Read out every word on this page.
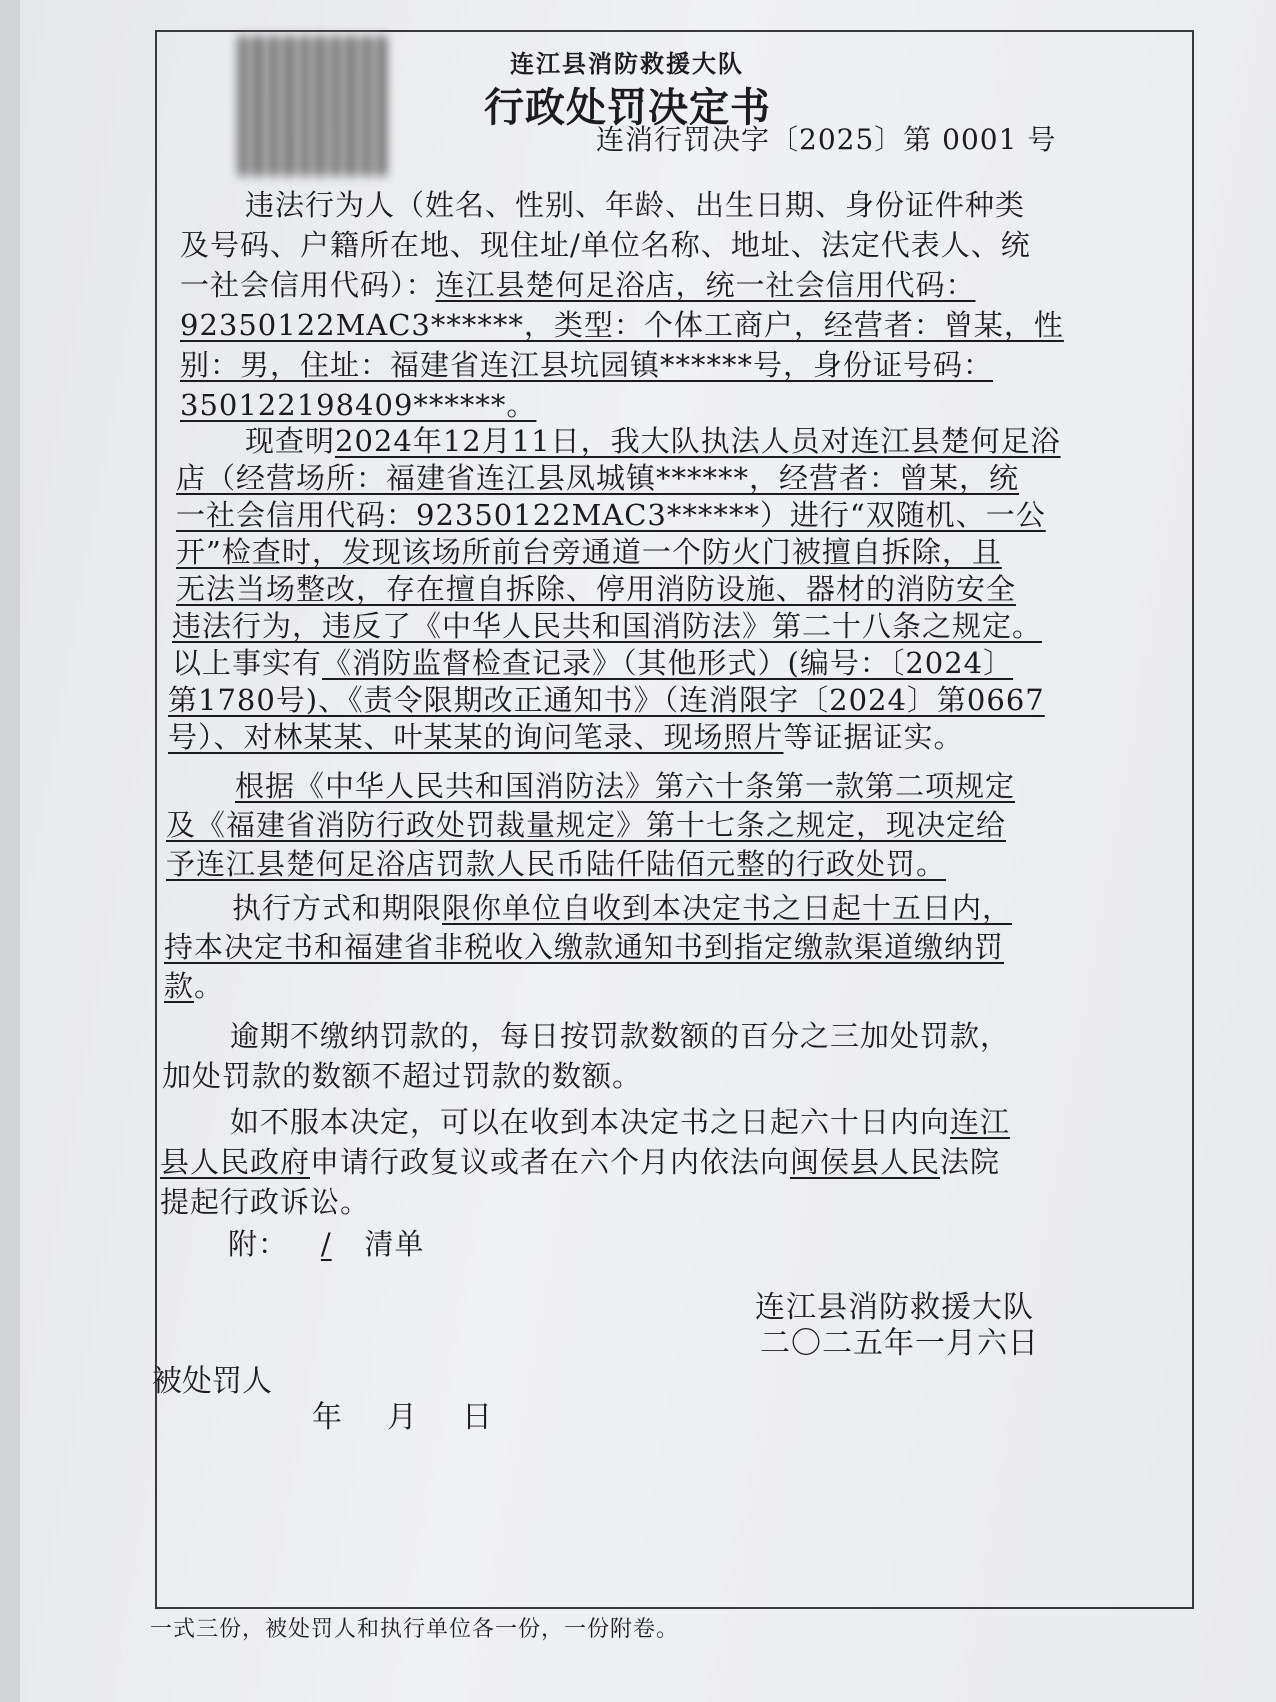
连江县消防救援大队
行政处罚决定书
连消行罚决字〔2025〕第 0001 号
违法行为人（姓名、性别、年龄、出生日期、身份证件种类
及号码、户籍所在地、现住址/单位名称、地址、法定代表人、统
一社会信用代码）：连江县楚何足浴店，统一社会信用代码：
92350122MAC3******，类型：个体工商户，经营者：曾某，性
别：男，住址：福建省连江县坑园镇******号，身份证号码：
350122198409******。
现查明2024年12月11日，我大队执法人员对连江县楚何足浴
店（经营场所：福建省连江县凤城镇******，经营者：曾某，统
一社会信用代码：92350122MAC3******）进行“双随机、一公
开”检查时，发现该场所前台旁通道一个防火门被擅自拆除，且
无法当场整改，存在擅自拆除、停用消防设施、器材的消防安全
违法行为，违反了《中华人民共和国消防法》第二十八条之规定。
以上事实有《消防监督检查记录》（其他形式）(编号：〔2024〕
第1780号)、《责令限期改正通知书》（连消限字〔2024〕第0667
号）、对林某某、叶某某的询问笔录、现场照片等证据证实。
根据《中华人民共和国消防法》第六十条第一款第二项规定
及《福建省消防行政处罚裁量规定》第十七条之规定，现决定给
予连江县楚何足浴店罚款人民币陆仟陆佰元整的行政处罚。
执行方式和期限限你单位自收到本决定书之日起十五日内，
持本决定书和福建省非税收入缴款通知书到指定缴款渠道缴纳罚
款。
逾期不缴纳罚款的，每日按罚款数额的百分之三加处罚款，
加处罚款的数额不超过罚款的数额。
如不服本决定，可以在收到本决定书之日起六十日内向连江
县人民政府申请行政复议或者在六个月内依法向闽侯县人民法院
提起行政诉讼。
附： / 清单
连江县消防救援大队
二〇二五年一月六日
被处罚人
年 月 日
一式三份，被处罚人和执行单位各一份，一份附卷。
